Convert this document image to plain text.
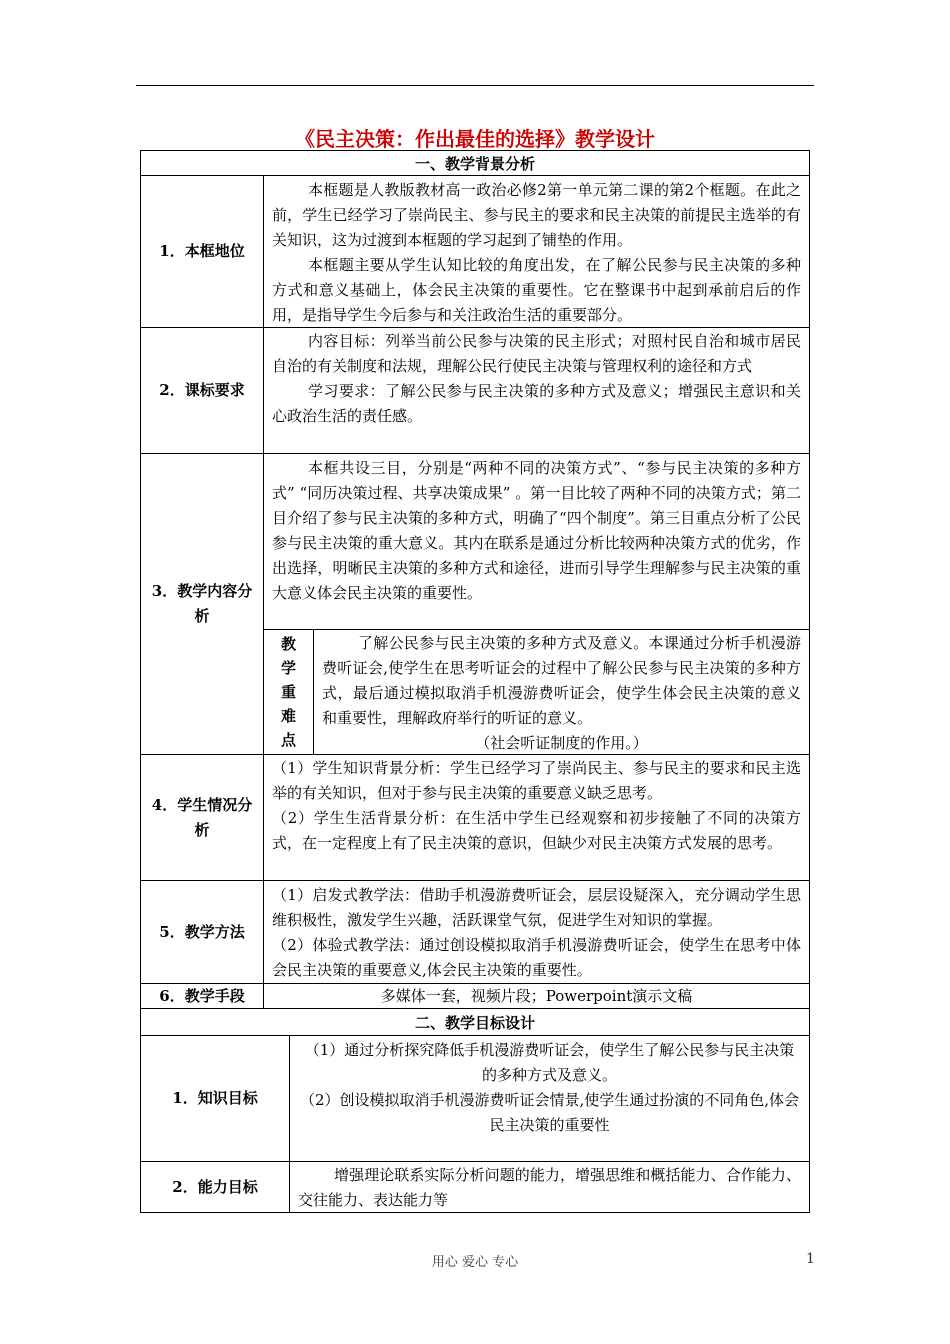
《民主决策：作出最佳的选择》教学设计
一、教学背景分析
1．本框地位

本框题是人教版教材高一政治必修2第一单元第二课的第2个框题。在此之前，学生已经学习了崇尚民主、参与民主的要求和民主决策的前提民主选举的有关知识，这为过渡到本框题的学习起到了铺垫的作用。

本框题主要从学生认知比较的角度出发，在了解公民参与民主决策的多种方式和意义基础上，体会民主决策的重要性。它在整课书中起到承前启后的作用，是指导学生今后参与和关注政治生活的重要部分。

2．课标要求

内容目标：列举当前公民参与决策的民主形式；对照村民自治和城市居民自治的有关制度和法规，理解公民行使民主决策与管理权利的途径和方式

学习要求：了解公民参与民主决策的多种方式及意义；增强民主意识和关心政治生活的责任感。

3．教学内容分析

本框共设三目，分别是“两种不同的决策方式”、“参与民主决策的多种方式” “同历决策过程、共享决策成果” 。第一目比较了两种不同的决策方式；第二目介绍了参与民主决策的多种方式，明确了“四个制度”。第三目重点分析了公民参与民主决策的重大意义。其内在联系是通过分析比较两种决策方式的优劣，作出选择，明晰民主决策的多种方式和途径，进而引导学生理解参与民主决策的重大意义体会民主决策的重要性。

教
学
重
难
点

了解公民参与民主决策的多种方式及意义。本课通过分析手机漫游费听证会,使学生在思考听证会的过程中了解公民参与民主决策的多种方式，最后通过模拟取消手机漫游费听证会，使学生体会民主决策的意义和重要性，理解政府举行的听证的意义。

（社会听证制度的作用。）

4．学生情况分析

（1）学生知识背景分析：学生已经学习了崇尚民主、参与民主的要求和民主选举的有关知识，但对于参与民主决策的重要意义缺乏思考。

（2）学生生活背景分析：在生活中学生已经观察和初步接触了不同的决策方式，在一定程度上有了民主决策的意识，但缺少对民主决策方式发展的思考。

5．教学方法

（1）启发式教学法：借助手机漫游费听证会，层层设疑深入，充分调动学生思维积极性，激发学生兴趣，活跃课堂气氛，促进学生对知识的掌握。

（2）体验式教学法：通过创设模拟取消手机漫游费听证会，使学生在思考中体会民主决策的重要意义,体会民主决策的重要性。

6．教学手段	多媒体一套，视频片段；Powerpoint演示文稿
二、教学目标设计
1．知识目标

（1）通过分析探究降低手机漫游费听证会，使学生了解公民参与民主决策的多种方式及意义。

（2）创设模拟取消手机漫游费听证会情景,使学生通过扮演的不同角色,体会民主决策的重要性

2．能力目标

增强理论联系实际分析问题的能力，增强思维和概括能力、合作能力、交往能力、表达能力等

用心 爱心 专心	1
